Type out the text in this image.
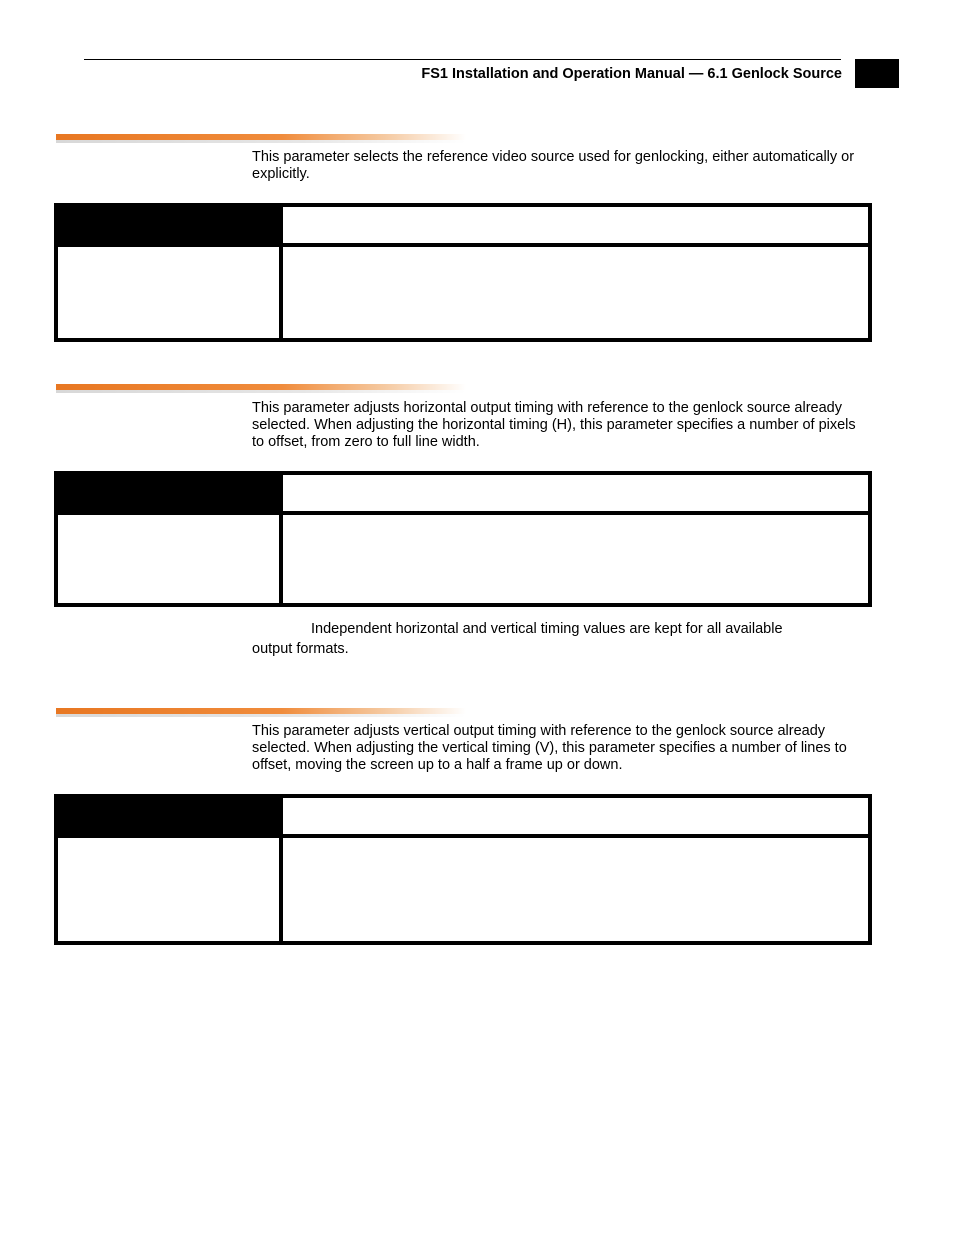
FS1 Installation and Operation Manual — 6.1 Genlock Source
This parameter selects the reference video source used for genlocking, either automatically or explicitly.
This parameter adjusts horizontal output timing with reference to the genlock source already selected. When adjusting the horizontal timing (H), this parameter specifies a number of pixels to offset, from zero to full line width.
Independent horizontal and vertical timing values are kept for all available
output formats.
This parameter adjusts vertical output timing with reference to the genlock source already selected. When adjusting the vertical timing (V), this parameter specifies a number of lines to offset, moving the screen up to a half a frame up or down.
